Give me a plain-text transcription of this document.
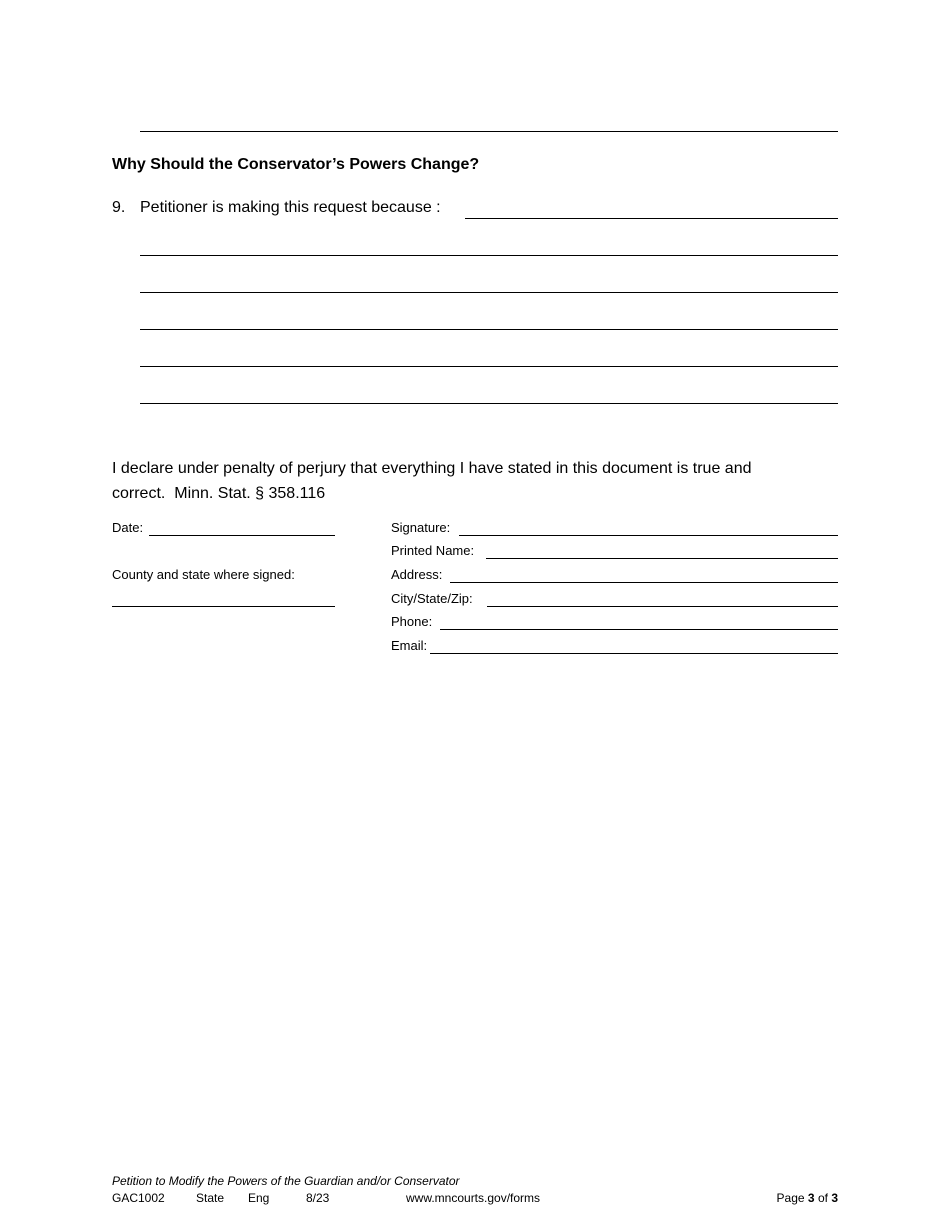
Why Should the Conservator’s Powers Change?
9. Petitioner is making this request because :
I declare under penalty of perjury that everything I have stated in this document is true and
correct.  Minn. Stat. § 358.116
Date:
County and state where signed:
Signature:
Printed Name:
Address:
City/State/Zip:
Phone:
Email:
Petition to Modify the Powers of the Guardian and/or Conservator
GAC1002	State Eng	8/23	www.mncourts.gov/forms	Page 3 of 3
